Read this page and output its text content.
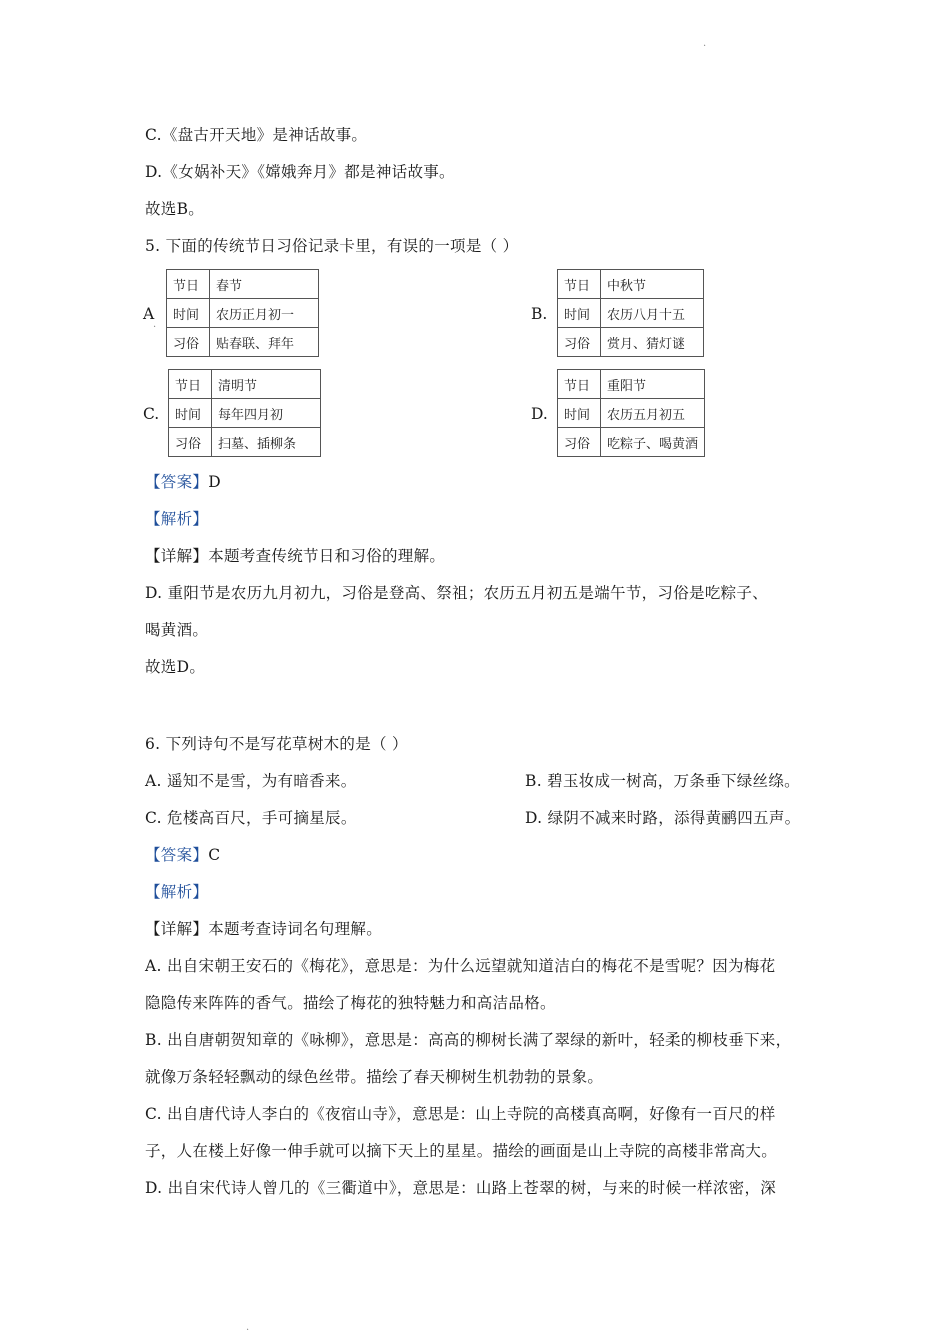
.
C.《盘古开天地》是神话故事。
D.《女娲补天》《嫦娥奔月》都是神话故事。
故选B。
5. 下面的传统节日习俗记录卡里，有误的一项是（ ）
A
·
节日	春节
时间	农历正月初一
习俗	贴春联、拜年
B.
节日	中秋节
时间	农历八月十五
习俗	赏月、猜灯谜
C.
节日	清明节
时间	每年四月初
习俗	扫墓、插柳条
D.
节日	重阳节
时间	农历五月初五
习俗	吃粽子、喝黄酒
【答案】D
【解析】
【详解】本题考查传统节日和习俗的理解。
D. 重阳节是农历九月初九，习俗是登高、祭祖；农历五月初五是端午节，习俗是吃粽子、
喝黄酒。
故选D。
6. 下列诗句不是写花草树木的是（ ）
A. 遥知不是雪，为有暗香来。	B. 碧玉妆成一树高，万条垂下绿丝绦。
C. 危楼高百尺，手可摘星辰。	D. 绿阴不减来时路，添得黄鹂四五声。
【答案】C
【解析】
【详解】本题考查诗词名句理解。
A. 出自宋朝王安石的《梅花》，意思是：为什么远望就知道洁白的梅花不是雪呢？因为梅花
隐隐传来阵阵的香气。描绘了梅花的独特魅力和高洁品格。
B. 出自唐朝贺知章的《咏柳》，意思是：高高的柳树长满了翠绿的新叶，轻柔的柳枝垂下来，
就像万条轻轻飘动的绿色丝带。描绘了春天柳树生机勃勃的景象。
C. 出自唐代诗人李白的《夜宿山寺》，意思是：山上寺院的高楼真高啊，好像有一百尺的样
子，人在楼上好像一伸手就可以摘下天上的星星。描绘的画面是山上寺院的高楼非常高大。
D. 出自宋代诗人曾几的《三衢道中》，意思是：山路上苍翠的树，与来的时候一样浓密，深
.
